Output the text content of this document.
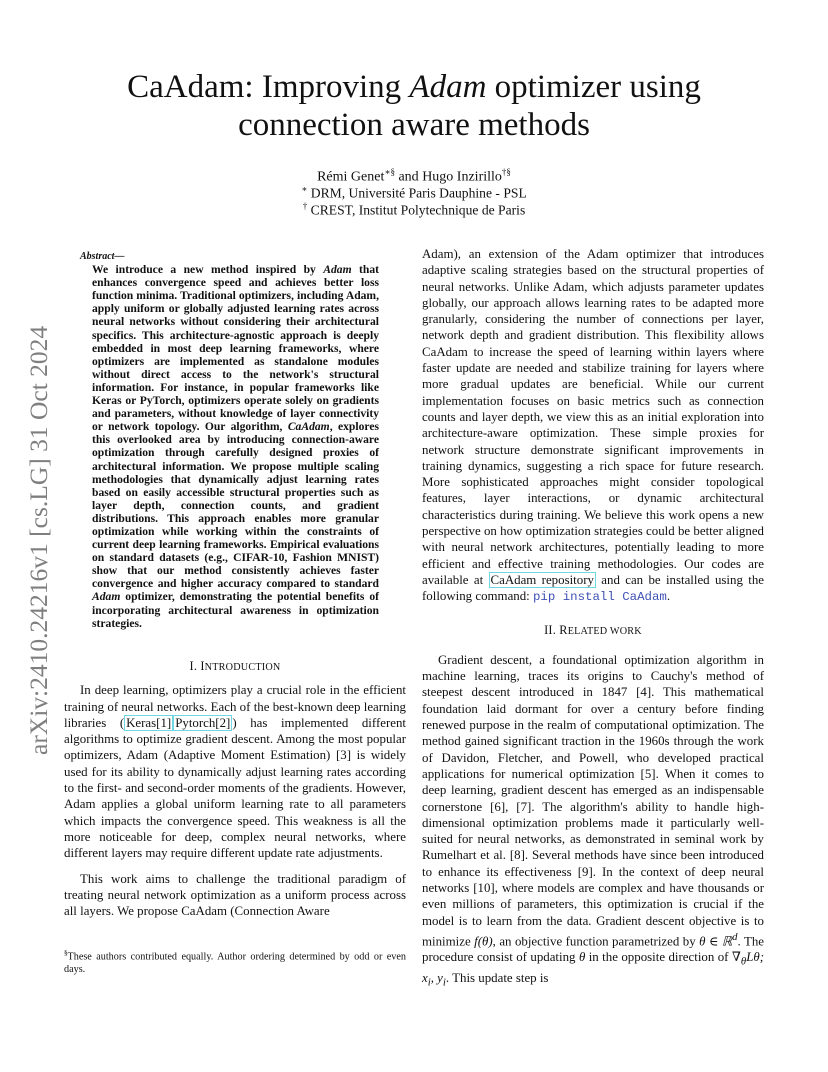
arXiv:2410.24216v1 [cs.LG] 31 Oct 2024
CaAdam: Improving Adam optimizer using
connection aware methods
Rémi Genet∗§ and Hugo Inzirillo†§
∗ DRM, Université Paris Dauphine - PSL
† CREST, Institut Polytechnique de Paris
Abstract—
We introduce a new method inspired by Adam that enhances convergence speed and achieves better loss function minima. Traditional optimizers, including Adam, apply uniform or globally adjusted learning rates across neural networks without considering their architectural specifics. This architecture-agnostic approach is deeply embedded in most deep learning frameworks, where optimizers are implemented as standalone modules without direct access to the network's structural information. For instance, in popular frameworks like Keras or PyTorch, optimizers operate solely on gradients and parameters, without knowledge of layer connectivity or network topology. Our algorithm, CaAdam, explores this overlooked area by introducing connection-aware optimization through carefully designed proxies of architectural information. We propose multiple scaling methodologies that dynamically adjust learning rates based on easily accessible structural properties such as layer depth, connection counts, and gradient distributions. This approach enables more granular optimization while working within the constraints of current deep learning frameworks. Empirical evaluations on standard datasets (e.g., CIFAR-10, Fashion MNIST) show that our method consistently achieves faster convergence and higher accuracy compared to standard Adam optimizer, demonstrating the potential benefits of incorporating architectural awareness in optimization strategies.
I. INTRODUCTION
In deep learning, optimizers play a crucial role in the efficient training of neural networks. Each of the best-known deep learning libraries ( Keras[1] Pytorch[2] ) has implemented different algorithms to optimize gradient descent. Among the most popular optimizers, Adam (Adaptive Moment Estimation) [3] is widely used for its ability to dynamically adjust learning rates according to the first- and second-order moments of the gradients. However, Adam applies a global uniform learning rate to all parameters which impacts the convergence speed. This weakness is all the more noticeable for deep, complex neural networks, where different layers may require different update rate adjustments.
This work aims to challenge the traditional paradigm of treating neural network optimization as a uniform process across all layers. We propose CaAdam (Connection Aware
§These authors contributed equally. Author ordering determined by odd or even days.
Adam), an extension of the Adam optimizer that introduces adaptive scaling strategies based on the structural properties of neural networks. Unlike Adam, which adjusts parameter updates globally, our approach allows learning rates to be adapted more granularly, considering the number of connections per layer, network depth and gradient distribution. This flexibility allows CaAdam to increase the speed of learning within layers where faster update are needed and stabilize training for layers where more gradual updates are beneficial. While our current implementation focuses on basic metrics such as connection counts and layer depth, we view this as an initial exploration into architecture-aware optimization. These simple proxies for network structure demonstrate significant improvements in training dynamics, suggesting a rich space for future research. More sophisticated approaches might consider topological features, layer interactions, or dynamic architectural characteristics during training. We believe this work opens a new perspective on how optimization strategies could be better aligned with neural network architectures, potentially leading to more efficient and effective training methodologies. Our codes are available at CaAdam repository and can be installed using the following command: pip install CaAdam.
II. RELATED WORK
Gradient descent, a foundational optimization algorithm in machine learning, traces its origins to Cauchy's method of steepest descent introduced in 1847 [4]. This mathematical foundation laid dormant for over a century before finding renewed purpose in the realm of computational optimization. The method gained significant traction in the 1960s through the work of Davidon, Fletcher, and Powell, who developed practical applications for numerical optimization [5]. When it comes to deep learning, gradient descent has emerged as an indispensable cornerstone [6], [7]. The algorithm's ability to handle high-dimensional optimization problems made it particularly well-suited for neural networks, as demonstrated in seminal work by Rumelhart et al. [8]. Several methods have since been introduced to enhance its effectiveness [9]. In the context of deep neural networks [10], where models are complex and have thousands or even millions of parameters, this optimization is crucial if the model is to learn from the data. Gradient descent objective is to minimize f(θ), an objective function parametrized by θ ∈ ℝ$^d$. The procedure consist of updating θ in the opposite direction of $\nabla_\theta L\theta$; $x_i$, $y_i$. This update step is
